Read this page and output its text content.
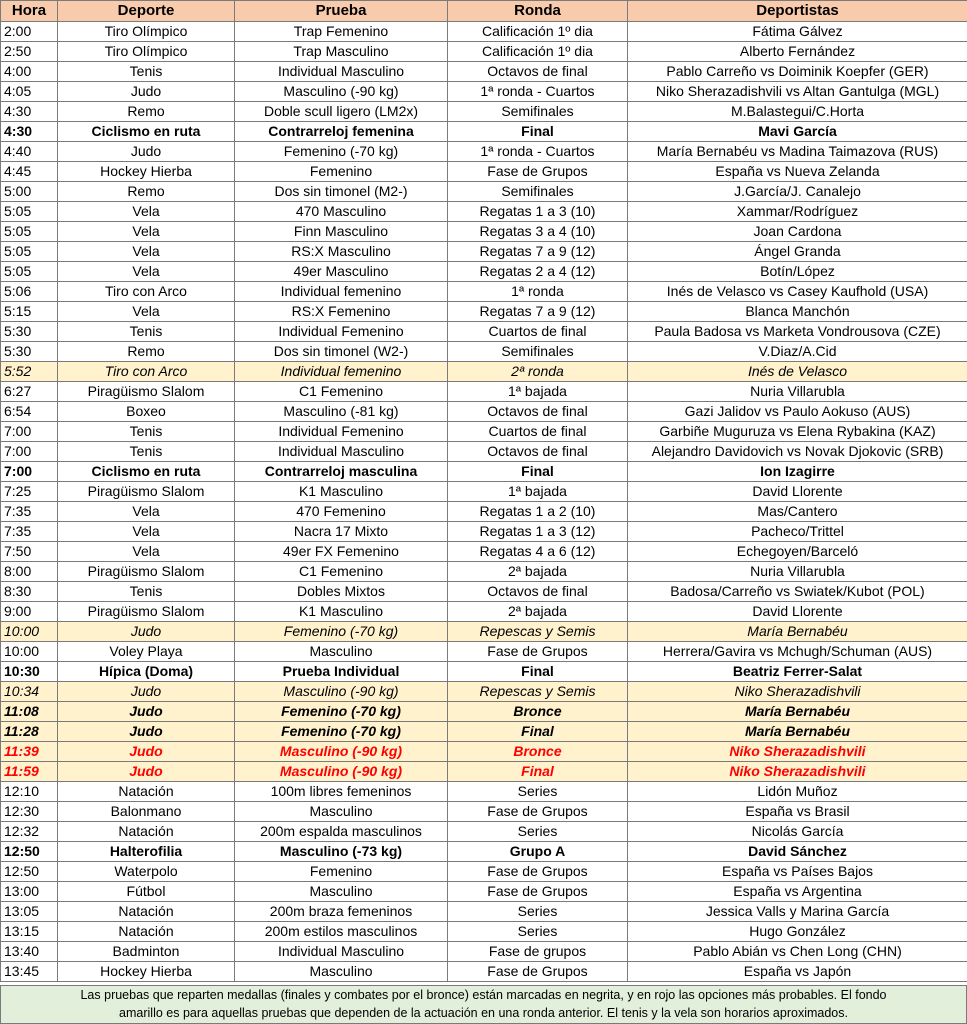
Hora	Deporte	Prueba	Ronda	Deportistas
2:00	Tiro Olímpico	Trap Femenino	Calificación 1º dia	Fátima Gálvez
2:50	Tiro Olímpico	Trap Masculino	Calificación 1º dia	Alberto Fernández
4:00	Tenis	Individual Masculino	Octavos de final	Pablo Carreño vs Doiminik Koepfer (GER)
4:05	Judo	Masculino (-90 kg)	1ª ronda - Cuartos	Niko Sherazadishvili vs Altan Gantulga (MGL)
4:30	Remo	Doble scull ligero (LM2x)	Semifinales	M.Balastegui/C.Horta
4:30	Ciclismo en ruta	Contrarreloj femenina	Final	Mavi García
4:40	Judo	Femenino (-70 kg)	1ª ronda - Cuartos	María Bernabéu vs Madina Taimazova (RUS)
4:45	Hockey Hierba	Femenino	Fase de Grupos	España vs Nueva Zelanda
5:00	Remo	Dos sin timonel (M2-)	Semifinales	J.García/J. Canalejo
5:05	Vela	470 Masculino	Regatas 1 a 3 (10)	Xammar/Rodríguez
5:05	Vela	Finn Masculino	Regatas 3 a 4 (10)	Joan Cardona
5:05	Vela	RS:X Masculino	Regatas 7 a 9 (12)	Ángel Granda
5:05	Vela	49er Masculino	Regatas 2 a 4 (12)	Botín/López
5:06	Tiro con Arco	Individual femenino	1ª ronda	Inés de Velasco vs Casey Kaufhold (USA)
5:15	Vela	RS:X Femenino	Regatas 7 a 9 (12)	Blanca Manchón
5:30	Tenis	Individual Femenino	Cuartos de final	Paula Badosa vs Marketa Vondrousova (CZE)
5:30	Remo	Dos sin timonel (W2-)	Semifinales	V.Diaz/A.Cid
5:52	Tiro con Arco	Individual femenino	2ª ronda	Inés de Velasco
6:27	Piragüismo Slalom	C1 Femenino	1ª bajada	Nuria Villarubla
6:54	Boxeo	Masculino (-81 kg)	Octavos de final	Gazi Jalidov vs Paulo Aokuso (AUS)
7:00	Tenis	Individual Femenino	Cuartos de final	Garbiñe Muguruza vs Elena Rybakina (KAZ)
7:00	Tenis	Individual Masculino	Octavos de final	Alejandro Davidovich vs Novak Djokovic (SRB)
7:00	Ciclismo en ruta	Contrarreloj masculina	Final	Ion Izagirre
7:25	Piragüismo Slalom	K1 Masculino	1ª bajada	David Llorente
7:35	Vela	470 Femenino	Regatas 1 a 2 (10)	Mas/Cantero
7:35	Vela	Nacra 17 Mixto	Regatas 1 a 3 (12)	Pacheco/Trittel
7:50	Vela	49er FX Femenino	Regatas 4 a 6 (12)	Echegoyen/Barceló
8:00	Piragüismo Slalom	C1 Femenino	2ª bajada	Nuria Villarubla
8:30	Tenis	Dobles Mixtos	Octavos de final	Badosa/Carreño vs Swiatek/Kubot (POL)
9:00	Piragüismo Slalom	K1 Masculino	2ª bajada	David Llorente
10:00	Judo	Femenino (-70 kg)	Repescas y Semis	María Bernabéu
10:00	Voley Playa	Masculino	Fase de Grupos	Herrera/Gavira vs Mchugh/Schuman (AUS)
10:30	Hípica (Doma)	Prueba Individual	Final	Beatriz Ferrer-Salat
10:34	Judo	Masculino (-90 kg)	Repescas y Semis	Niko Sherazadishvili
11:08	Judo	Femenino (-70 kg)	Bronce	María Bernabéu
11:28	Judo	Femenino (-70 kg)	Final	María Bernabéu
11:39	Judo	Masculino (-90 kg)	Bronce	Niko Sherazadishvili
11:59	Judo	Masculino (-90 kg)	Final	Niko Sherazadishvili
12:10	Natación	100m libres femeninos	Series	Lidón Muñoz
12:30	Balonmano	Masculino	Fase de Grupos	España vs Brasil
12:32	Natación	200m espalda masculinos	Series	Nicolás García
12:50	Halterofilia	Masculino (-73 kg)	Grupo A	David Sánchez
12:50	Waterpolo	Femenino	Fase de Grupos	España vs Países Bajos
13:00	Fútbol	Masculino	Fase de Grupos	España vs Argentina
13:05	Natación	200m braza femeninos	Series	Jessica Valls y Marina García
13:15	Natación	200m estilos masculinos	Series	Hugo González
13:40	Badminton	Individual Masculino	Fase de grupos	Pablo Abián vs Chen Long (CHN)
13:45	Hockey Hierba	Masculino	Fase de Grupos	España vs Japón
Las pruebas que reparten medallas (finales y combates por el bronce) están marcadas en negrita, y en rojo las opciones más probables. El fondo
amarillo es para aquellas pruebas que dependen de la actuación en una ronda anterior. El tenis y la vela son horarios aproximados.
